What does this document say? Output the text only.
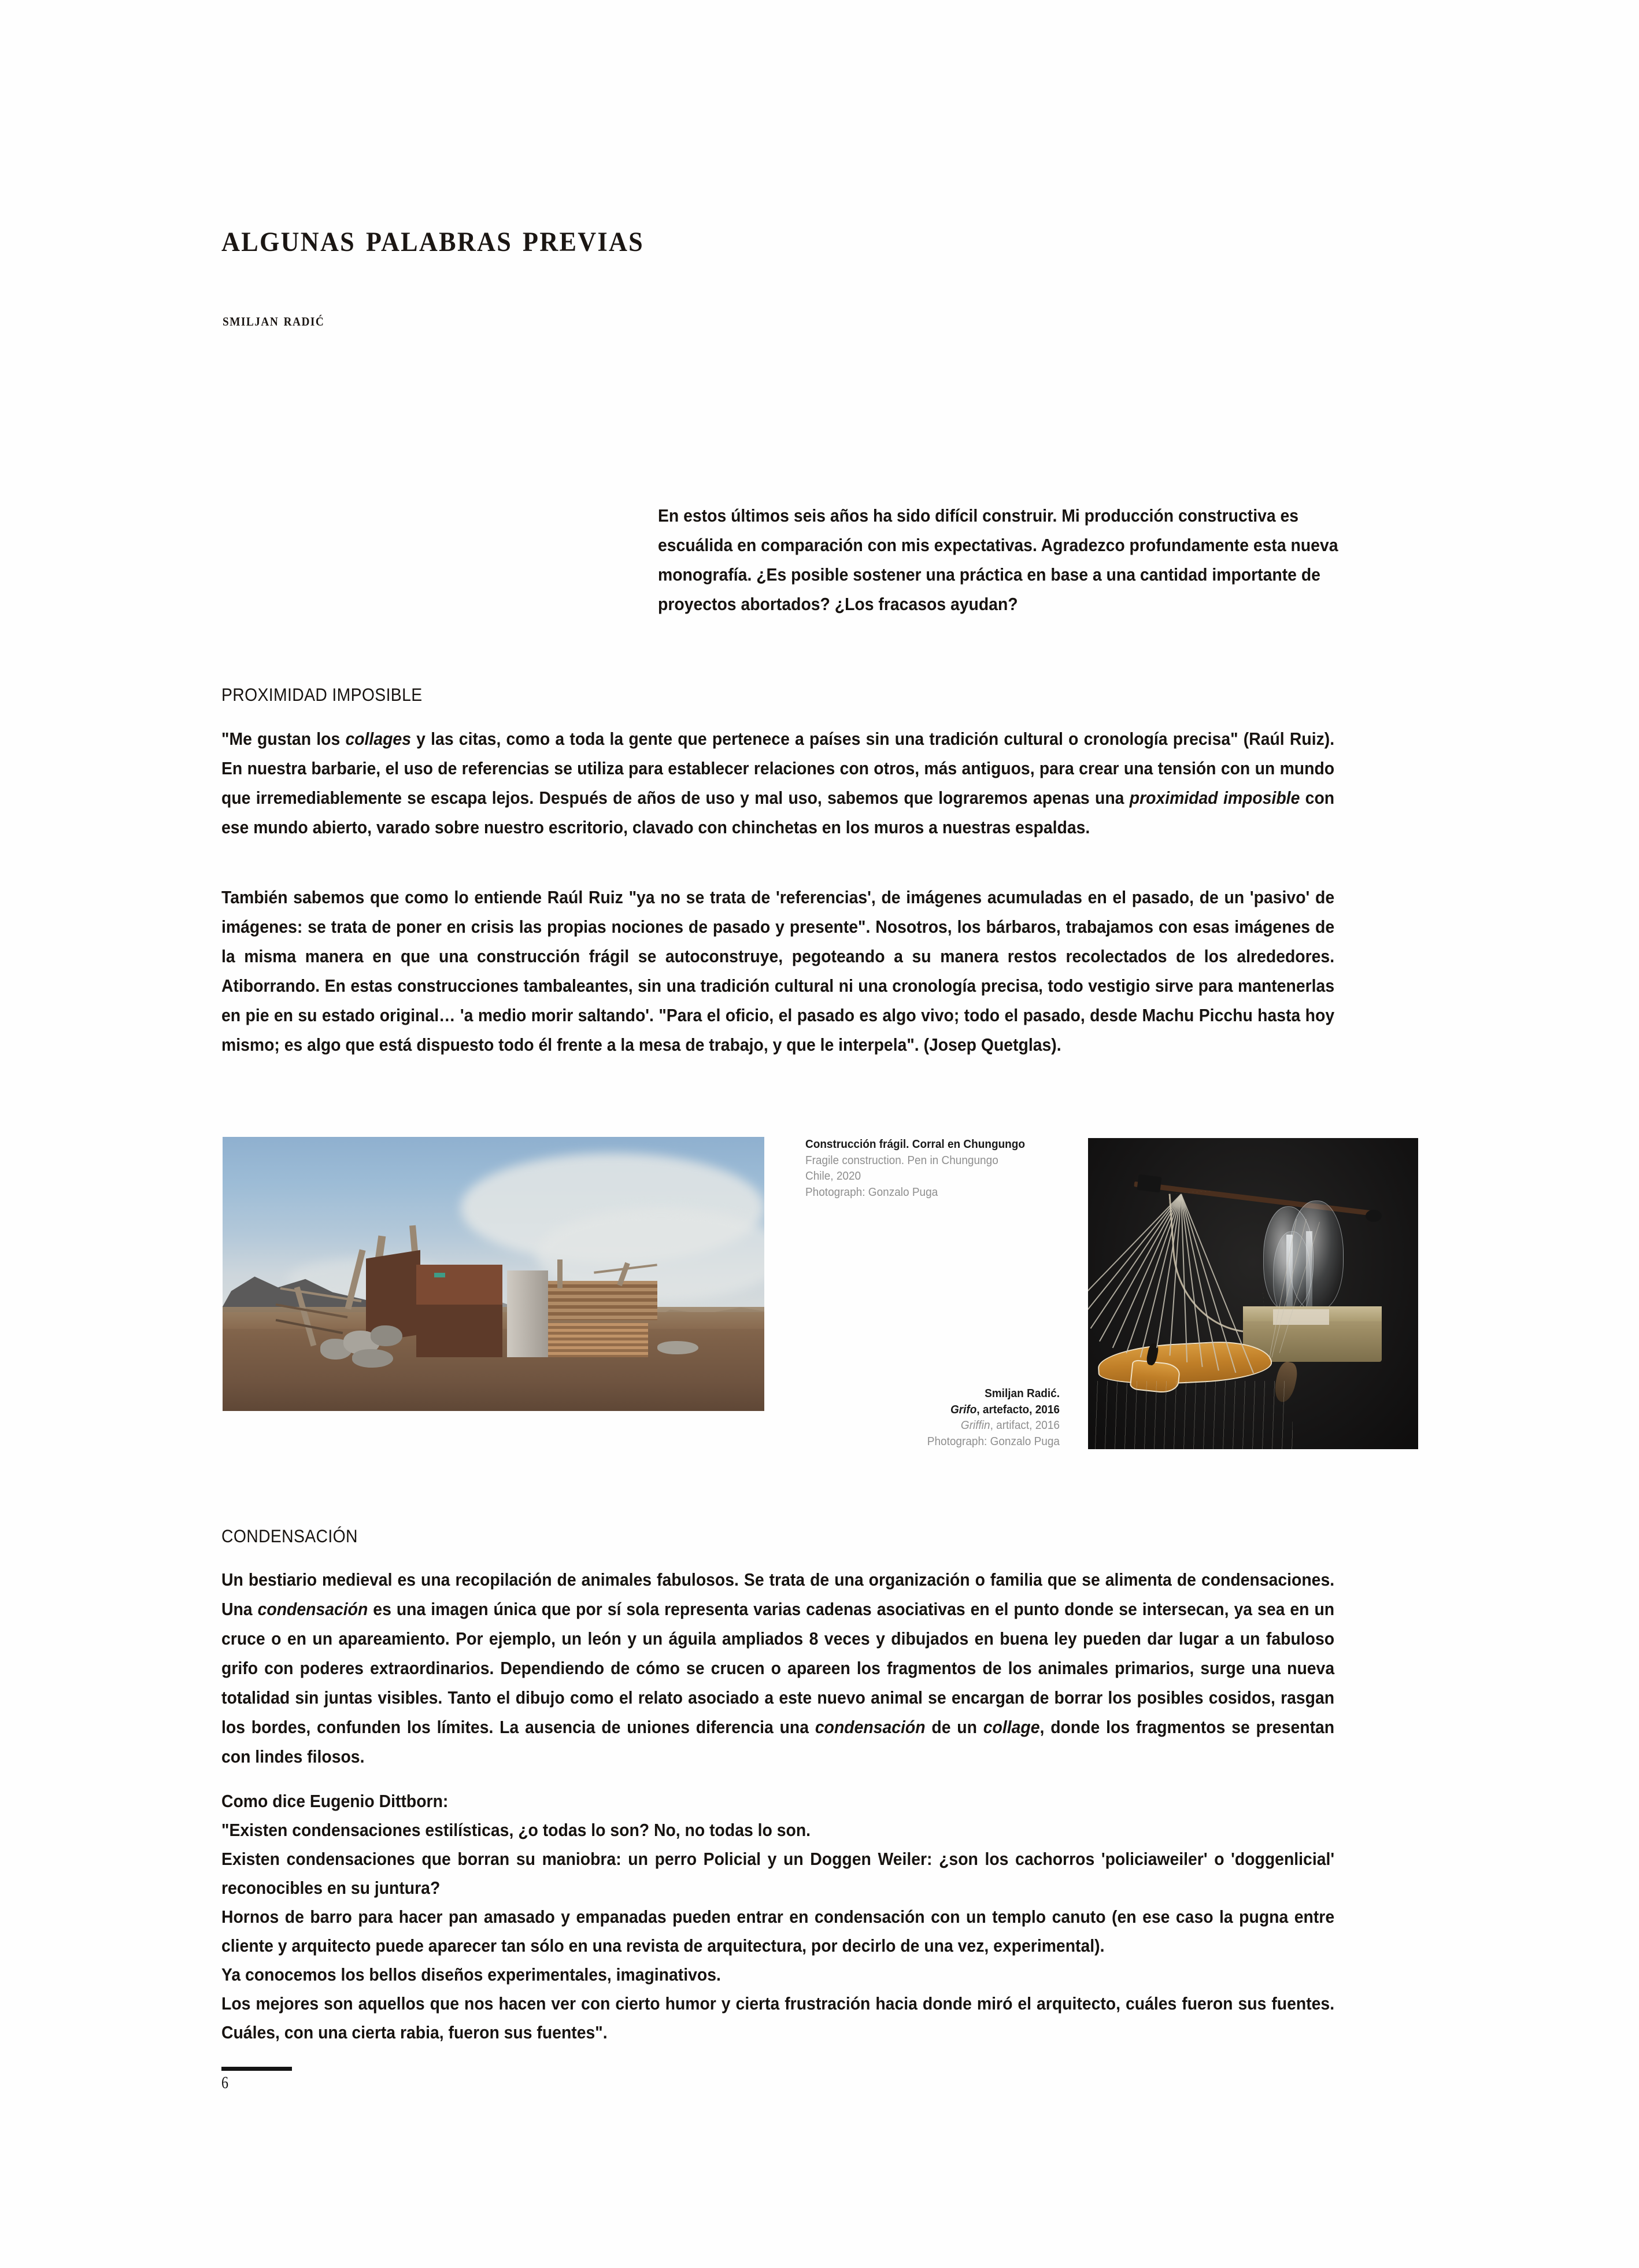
algunas palabras previas
smiljan radić
En estos últimos seis años ha sido difícil construir. Mi producción constructiva es escuálida en comparación con mis expectativas. Agradezco profundamente esta nueva monografía. ¿Es posible sostener una práctica en base a una cantidad importante de proyectos abortados? ¿Los fracasos ayudan?
PROXIMIDAD IMPOSIBLE
"Me gustan los collages y las citas, como a toda la gente que pertenece a países sin una tradición cultural o cronología precisa" (Raúl Ruiz). En nuestra barbarie, el uso de referencias se utiliza para establecer relaciones con otros, más antiguos, para crear una tensión con un mundo que irremediablemente se escapa lejos. Después de años de uso y mal uso, sabemos que lograremos apenas una proximidad imposible con ese mundo abierto, varado sobre nuestro escritorio, clavado con chinchetas en los muros a nuestras espaldas.
También sabemos que como lo entiende Raúl Ruiz "ya no se trata de 'referencias', de imágenes acumuladas en el pasado, de un 'pasivo' de imágenes: se trata de poner en crisis las propias nociones de pasado y presente". Nosotros, los bárbaros, trabajamos con esas imágenes de la misma manera en que una construcción frágil se autoconstruye, pegoteando a su manera restos recolectados de los alrededores. Atiborrando. En estas construcciones tambaleantes, sin una tradición cultural ni una cronología precisa, todo vestigio sirve para mantenerlas en pie en su estado original… 'a medio morir saltando'. "Para el oficio, el pasado es algo vivo; todo el pasado, desde Machu Picchu hasta hoy mismo; es algo que está dispuesto todo él frente a la mesa de trabajo, y que le interpela". (Josep Quetglas).
Construcción frágil. Corral en Chungungo
Fragile construction. Pen in Chungungo
Chile, 2020
Photograph: Gonzalo Puga
Smiljan Radić.
Grifo, artefacto, 2016
Griffin, artifact, 2016
Photograph: Gonzalo Puga
CONDENSACIÓN
Un bestiario medieval es una recopilación de animales fabulosos. Se trata de una organización o familia que se alimenta de condensaciones. Una condensación es una imagen única que por sí sola representa varias cadenas asociativas en el punto donde se intersecan, ya sea en un cruce o en un apareamiento. Por ejemplo, un león y un águila ampliados 8 veces y dibujados en buena ley pueden dar lugar a un fabuloso grifo con poderes extraordinarios. Dependiendo de cómo se crucen o apareen los fragmentos de los animales primarios, surge una nueva totalidad sin juntas visibles. Tanto el dibujo como el relato asociado a este nuevo animal se encargan de borrar los posibles cosidos, rasgan los bordes, confunden los límites. La ausencia de uniones diferencia una condensación de un collage, donde los fragmentos se presentan con lindes filosos.

Como dice Eugenio Dittborn:

"Existen condensaciones estilísticas, ¿o todas lo son? No, no todas lo son.

Existen condensaciones que borran su maniobra: un perro Policial y un Doggen Weiler: ¿son los cachorros 'policiaweiler' o 'doggenlicial' reconocibles en su juntura?

Hornos de barro para hacer pan amasado y empanadas pueden entrar en condensación con un templo canuto (en ese caso la pugna entre cliente y arquitecto puede aparecer tan sólo en una revista de arquitectura, por decirlo de una vez, experimental).

Ya conocemos los bellos diseños experimentales, imaginativos.

Los mejores son aquellos que nos hacen ver con cierto humor y cierta frustración hacia donde miró el arquitecto, cuáles fueron sus fuentes. Cuáles, con una cierta rabia, fueron sus fuentes".

6
